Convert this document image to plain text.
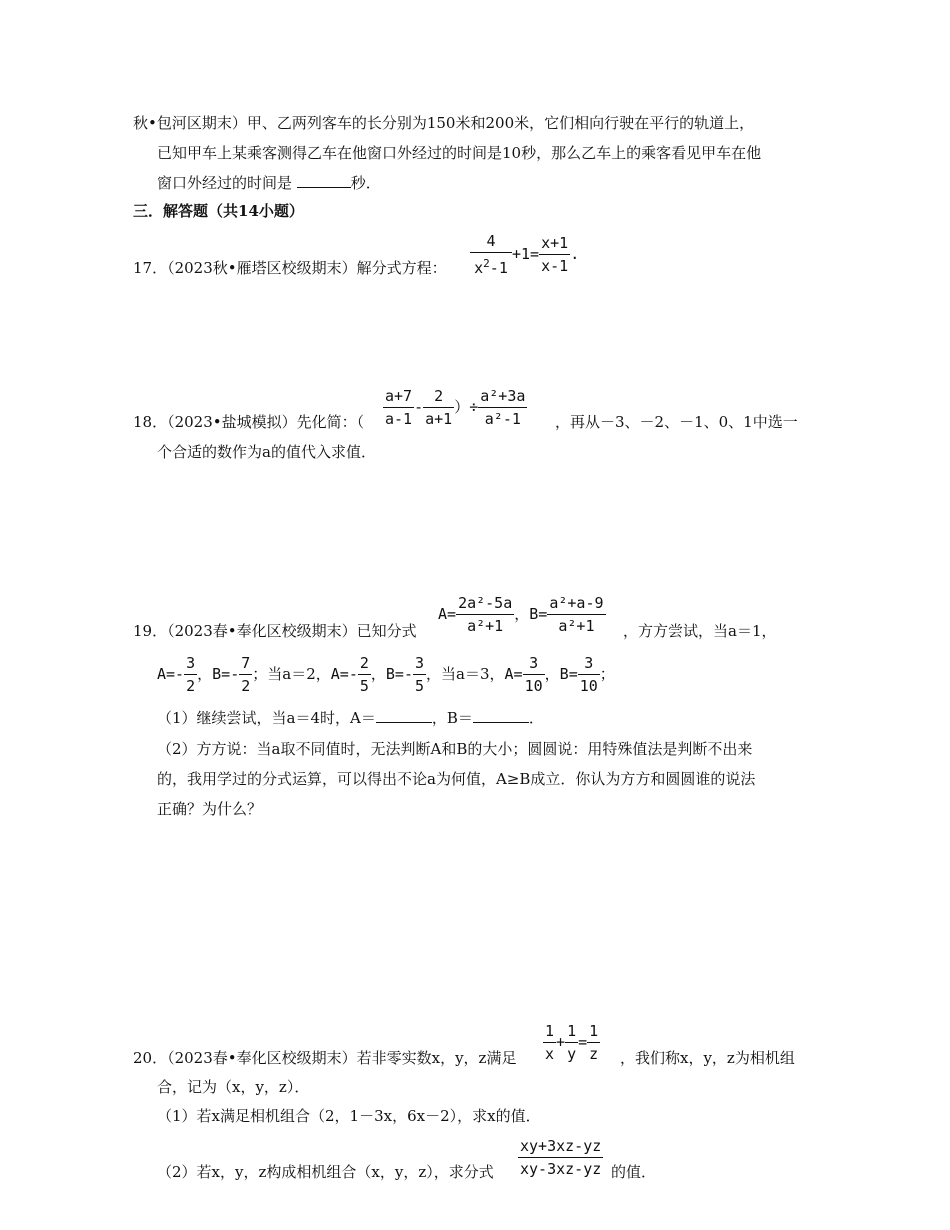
秋•包河区期末）甲、乙两列客车的长分别为150米和200米，它们相向行驶在平行的轨道上，
已知甲车上某乘客测得乙车在他窗口外经过的时间是10秒，那么乙车上的乘客看见甲车在他
窗口外经过的时间是	秒．
三．解答题（共14小题）
17．（2023秋•雁塔区校级期末）解分式方程： $\frac{4}{x^2-1} +1= \frac{x+1}{x-1}$ .
18．（2023•盐城模拟）先化简：（ $\frac{a+7}{a-1} - \frac{2}{a+1}$ ）÷ $\frac{\text{a²+3a}}{\text{a²-1}}$ ，再从－3、－2、－1、0、1中选一
个合适的数作为a的值代入求值．
19．（2023春•奉化区校级期末）已知分式
$A= \frac{\text{2a²-5a}}{\text{a²+1}}$ ，$B= \frac{\text{a²+a-9}}{\text{a²+1}}$ ，方方尝试，当a＝1，
$A=- \frac{3}{2}$ ，$B=- \frac{7}{2}$ ；当a＝2，$A=- \frac{2}{5}$ ，$B=- \frac{3}{5}$ ，当a＝3，$A= \frac{3}{10}$ ，$B= \frac{3}{10}$ ；
（1）继续尝试，当a＝4时，A＝	，B＝	．
（2）方方说：当a取不同值时，无法判断A和B的大小；圆圆说：用特殊值法是判断不出来
的，我用学过的分式运算，可以得出不论a为何值，A≥B成立．你认为方方和圆圆谁的说法
正确？为什么？
20．（2023春•奉化区校级期末）若非零实数x，y，z满足 $\frac{1}{x} + \frac{1}{y} = \frac{1}{z}$ ，我们称x，y，z为相机组
合，记为（x，y，z）．
（1）若x满足相机组合（2，1－3x，6x－2），求x的值．
（2）若x，y，z构成相机组合（x，y，z），求分式 $\frac{xy+3xz-yz}{xy-3xz-yz}$ 的值．
